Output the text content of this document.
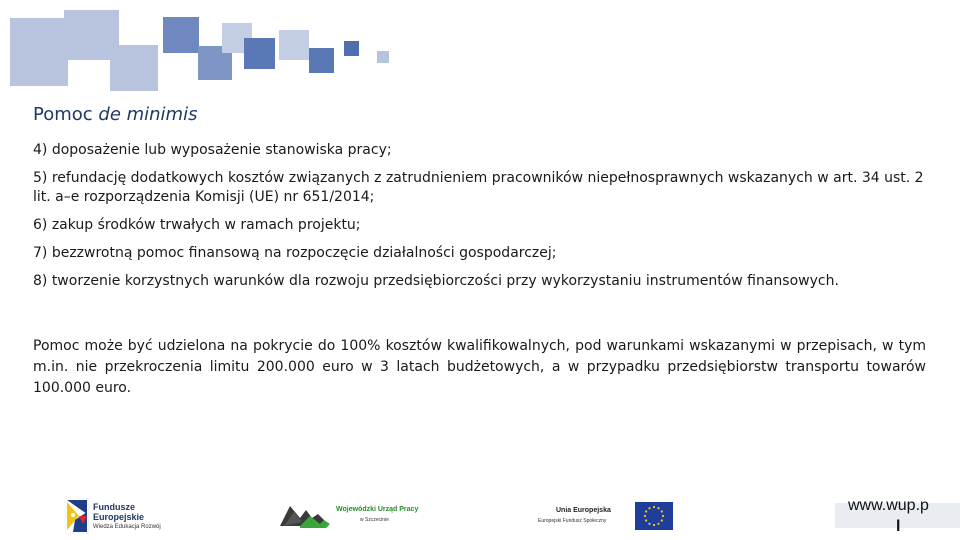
Pomoc de minimis

4) doposażenie lub wyposażenie stanowiska pracy;

5) refundację dodatkowych kosztów związanych z zatrudnieniem pracowników niepełnosprawnych wskazanych w art. 34 ust. 2 lit. a–e rozporządzenia Komisji (UE) nr 651/2014;

6) zakup środków trwałych w ramach projektu;

7) bezzwrotną pomoc finansową na rozpoczęcie działalności gospodarczej;

8) tworzenie korzystnych warunków dla rozwoju przedsiębiorczości przy wykorzystaniu instrumentów finansowych.

Pomoc może być udzielona na pokrycie do 100% kosztów kwalifikowalnych, pod warunkami wskazanymi w przepisach, w tym m.in. nie przekroczenia limitu 200.000 euro w 3 latach budżetowych, a w przypadku przedsiębiorstw transportu towarów 100.000 euro.

Fundusze
Europejskie
Wiedza Edukacja Rozwój
Wojewódzki Urząd Pracy
w Szczecinie
Unia Europejska
Europejski Fundusz Społeczny
www.wup.p
l
